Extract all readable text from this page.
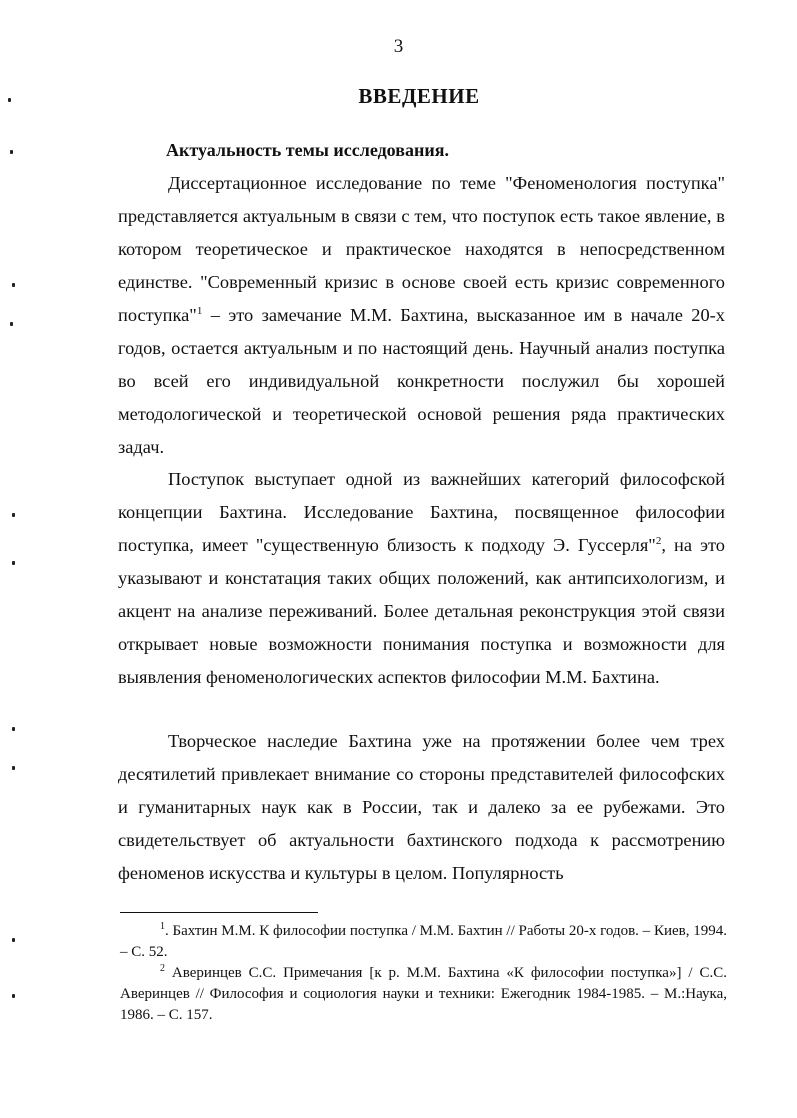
3
ВВЕДЕНИЕ
Актуальность темы исследования.

Диссертационное исследование по теме "Феноменология поступка" представляется актуальным в связи с тем, что поступок есть такое явление, в котором теоретическое и практическое находятся в непосредственном единстве. "Современный кризис в основе своей есть кризис современного поступка"$^1$ – это замечание М.М. Бахтина, высказанное им в начале 20-х годов, остается актуальным и по настоящий день. Научный анализ поступка во всей его индивидуальной конкретности послужил бы хорошей методологической и теоретической основой решения ряда практических задач.

Поступок выступает одной из важнейших категорий философской концепции Бахтина. Исследование Бахтина, посвященное философии поступка, имеет "существенную близость к подходу Э. Гуссерля"$^2$, на это указывают и констатация таких общих положений, как антипсихологизм, и акцент на анализе переживаний. Более детальная реконструкция этой связи открывает новые возможности понимания поступка и возможности для выявления феноменологических аспектов философии М.М. Бахтина.

Творческое наследие Бахтина уже на протяжении более чем трех десятилетий привлекает внимание со стороны представителей философских и гуманитарных наук как в России, так и далеко за ее рубежами. Это свидетельствует об актуальности бахтинского подхода к рассмотрению феноменов искусства и культуры в целом. Популярность

$^1$. Бахтин М.М. К философии поступка / М.М. Бахтин // Работы 20-х годов. – Киев, 1994. – С. 52.

$^2$ Аверинцев С.С. Примечания [к р. М.М. Бахтина «К философии поступка»] / С.С. Аверинцев // Философия и социология науки и техники: Ежегодник 1984-1985. – М.:Наука, 1986. – С. 157.
